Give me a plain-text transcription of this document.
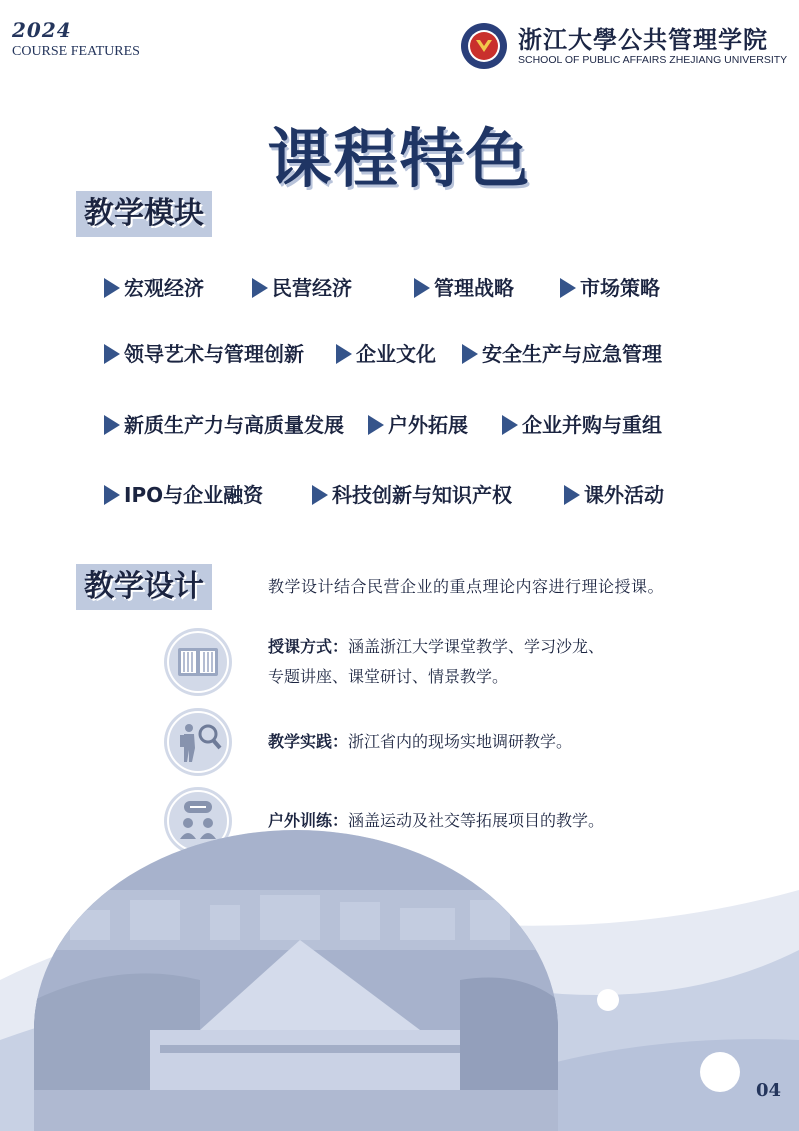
2024
COURSE FEATURES	浙江大學公共管理学院
SCHOOL OF PUBLIC AFFAIRS ZHEJIANG UNIVERSITY
课程特色
教学模块
宏观经济	民营经济	管理战略	市场策略
领导艺术与管理创新	企业文化	安全生产与应急管理
新质生产力与高质量发展	户外拓展	企业并购与重组
IPO与企业融资	科技创新与知识产权	课外活动
教学设计	教学设计结合民营企业的重点理论内容进行理论授课。
授课方式：涵盖浙江大学课堂教学、学习沙龙、
专题讲座、课堂研讨、情景教学。
教学实践：浙江省内的现场实地调研教学。
户外训练：涵盖运动及社交等拓展项目的教学。
04
